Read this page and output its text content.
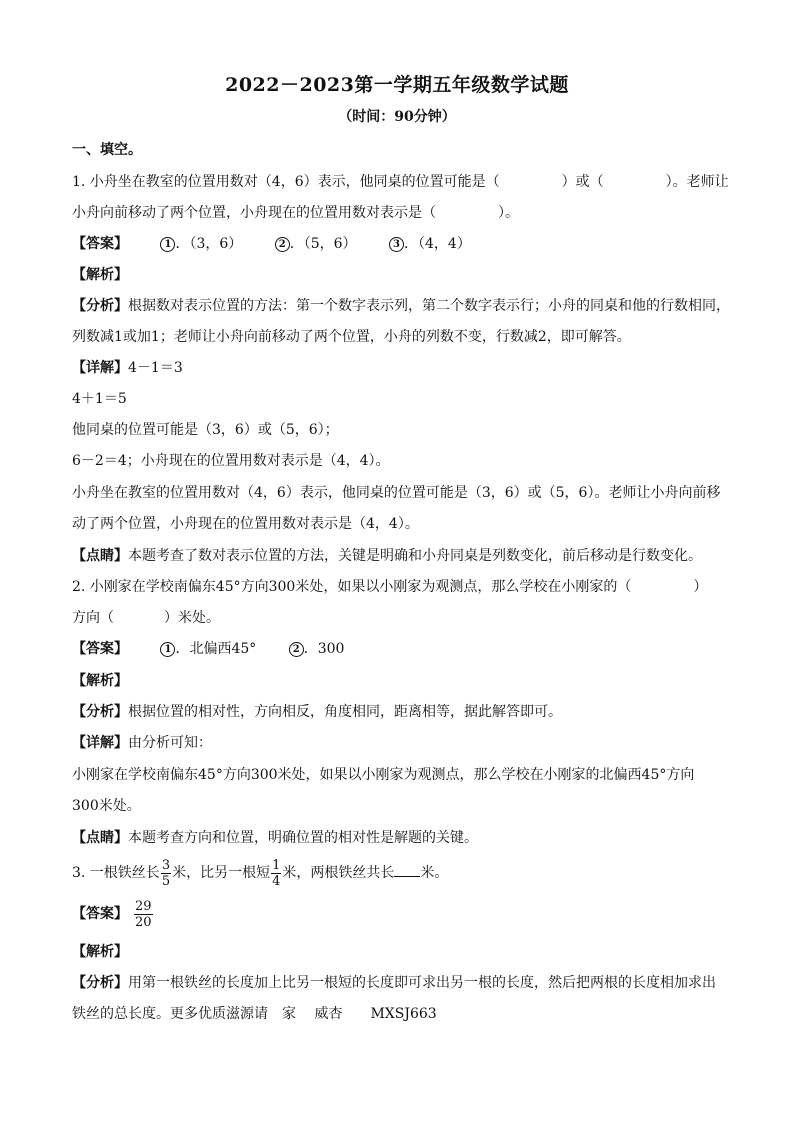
2022－2023第一学期五年级数学试题
（时间：90分钟）
一、填空。
1. 小舟坐在教室的位置用数对（4，6）表示，他同桌的位置可能是（	）或（	）。老师让
小舟向前移动了两个位置，小舟现在的位置用数对表示是（	）。
【答案】	1 ．（3，6）	2 ．（5，6）	3 ．（4，4）
【解析】
【分析】根据数对表示位置的方法：第一个数字表示列，第二个数字表示行；小舟的同桌和他的行数相同，
列数减1或加1；老师让小舟向前移动了两个位置，小舟的列数不变，行数减2，即可解答。
【详解】4－1＝3
4＋1＝5
他同桌的位置可能是（3，6）或（5，6）；
6－2＝4；小舟现在的位置用数对表示是（4，4）。
小舟坐在教室的位置用数对（4，6）表示，他同桌的位置可能是（3，6）或（5，6）。老师让小舟向前移
动了两个位置，小舟现在的位置用数对表示是（4，4）。
【点睛】本题考查了数对表示位置的方法，关键是明确和小舟同桌是列数变化，前后移动是行数变化。
2. 小刚家在学校南偏东45°方向300米处，如果以小刚家为观测点，那么学校在小刚家的（	）
方向（	）米处。
【答案】	1 ．北偏西45°	2 ．300
【解析】
【分析】根据位置的相对性，方向相反，角度相同，距离相等，据此解答即可。
【详解】由分析可知：
小刚家在学校南偏东45°方向300米处，如果以小刚家为观测点，那么学校在小刚家的北偏西45°方向
300米处。
【点睛】本题考查方向和位置，明确位置的相对性是解题的关键。
3. 一根铁丝长 $\frac{3}{5}$ 米，比另一根短 $\frac{1}{4}$ 米，两根铁丝共长 米。
【答案】 $\frac{29}{20}$
【解析】
【分析】用第一根铁丝的长度加上比另一根短的长度即可求出另一根的长度，然后把两根的长度相加求出
铁丝的总长度。更多优质滋源请　家　 威杏　　MXSJ663
